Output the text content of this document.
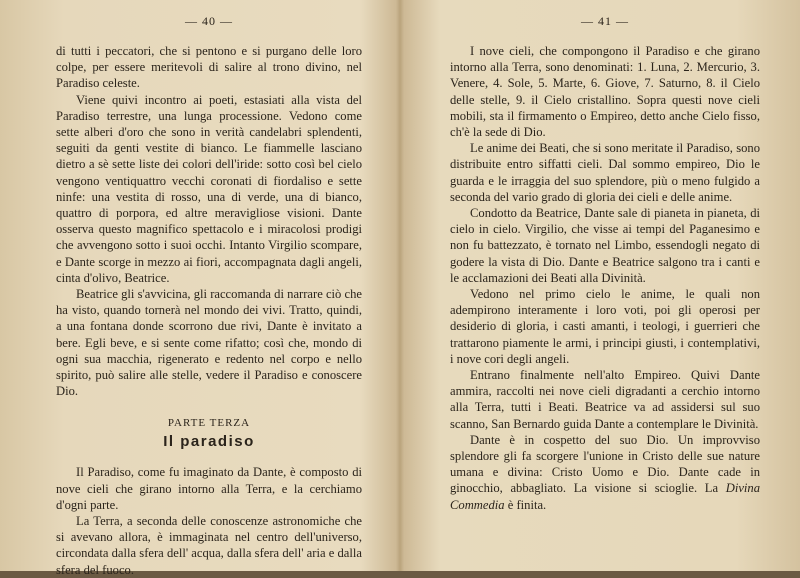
— 40 —

di tutti i peccatori, che si pentono e si purgano delle loro colpe, per essere meritevoli di salire al trono divino, nel Paradiso celeste.

Viene quivi incontro ai poeti, estasiati alla vista del Paradiso terrestre, una lunga processione. Vedono come sette alberi d'oro che sono in verità candelabri splendenti, seguiti da genti vestite di bianco. Le fiammelle lasciano dietro a sè sette liste dei colori dell'iride: sotto così bel cielo vengono ventiquattro vecchi coronati di fiordaliso e sette ninfe: una vestita di rosso, una di verde, una di bianco, quattro di porpora, ed altre meravigliose visioni. Dante osserva questo magnifico spettacolo e i miracolosi prodigi che avvengono sotto i suoi occhi. Intanto Virgilio scompare, e Dante scorge in mezzo ai fiori, accompagnata dagli angeli, cinta d'olivo, Beatrice.

Beatrice gli s'avvicina, gli raccomanda di narrare ciò che ha visto, quando tornerà nel mondo dei vivi. Tratto, quindi, a una fontana donde scorrono due rivi, Dante è invitato a bere. Egli beve, e si sente come rifatto; così che, mondo di ogni sua macchia, rigenerato e redento nel corpo e nello spirito, può salire alle stelle, vedere il Paradiso e conoscere Dio.

PARTE TERZA
Il paradiso

Il Paradiso, come fu imaginato da Dante, è composto di nove cieli che girano intorno alla Terra, e la cerchiamo d'ogni parte.

La Terra, a seconda delle conoscenze astronomiche che si avevano allora, è immaginata nel centro dell'universo, circondata dalla sfera dell' acqua, dalla sfera dell' aria e dalla sfera del fuoco.

— 41 —

I nove cieli, che compongono il Paradiso e che girano intorno alla Terra, sono denominati: 1. Luna, 2. Mercurio, 3. Venere, 4. Sole, 5. Marte, 6. Giove, 7. Saturno, 8. il Cielo delle stelle, 9. il Cielo cristallino. Sopra questi nove cieli mobili, sta il firmamento o Empireo, detto anche Cielo fisso, ch'è la sede di Dio.

Le anime dei Beati, che si sono meritate il Paradiso, sono distribuite entro siffatti cieli. Dal sommo empireo, Dio le guarda e le irraggia del suo splendore, più o meno fulgido a seconda del vario grado di gloria dei cieli e delle anime.

Condotto da Beatrice, Dante sale di pianeta in pianeta, di cielo in cielo. Virgilio, che visse ai tempi del Paganesimo e non fu battezzato, è tornato nel Limbo, essendogli negato di godere la vista di Dio. Dante e Beatrice salgono tra i canti e le acclamazioni dei Beati alla Divinità.

Vedono nel primo cielo le anime, le quali non adempirono interamente i loro voti, poi gli operosi per desiderio di gloria, i casti amanti, i teologi, i guerrieri che trattarono piamente le armi, i principi giusti, i contemplativi, i nove cori degli angeli.

Entrano finalmente nell'alto Empireo. Quivi Dante ammira, raccolti nei nove cieli digradanti a cerchio intorno alla Terra, tutti i Beati. Beatrice va ad assidersi sul suo scanno, San Bernardo guida Dante a contemplare le Divinità.

Dante è in cospetto del suo Dio. Un improvviso splendore gli fa scorgere l'unione in Cristo delle sue nature umana e divina: Cristo Uomo e Dio. Dante cade in ginocchio, abbagliato. La visione si scioglie. La Divina Commedia è finita.
